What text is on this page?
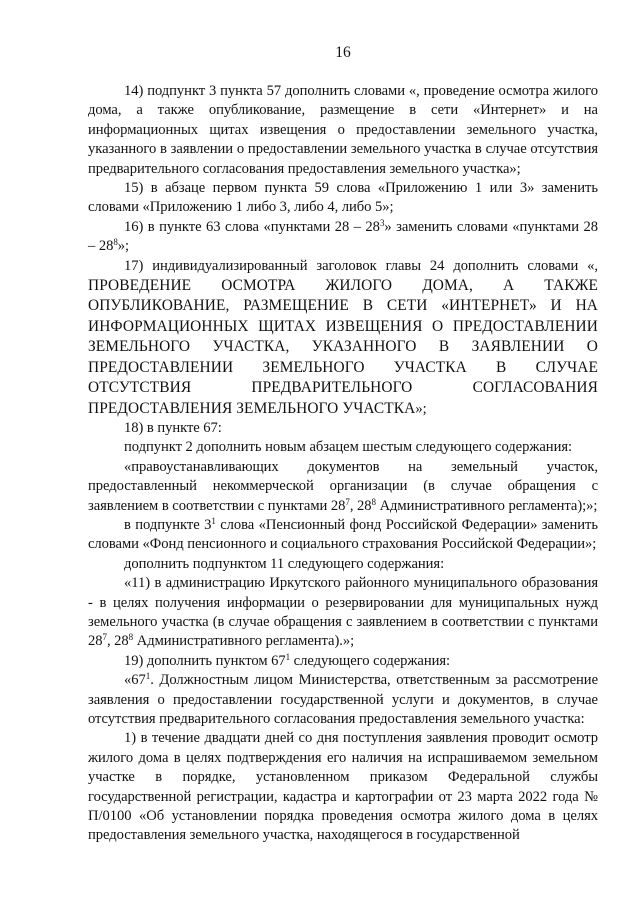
16

14) подпункт 3 пункта 57 дополнить словами «, проведение осмотра жилого дома, а также опубликование, размещение в сети «Интернет» и на информационных щитах извещения о предоставлении земельного участка, указанного в заявлении о предоставлении земельного участка в случае отсутствия предварительного согласования предоставления земельного участка»;

15) в абзаце первом пункта 59 слова «Приложению 1 или 3» заменить словами «Приложению 1 либо 3, либо 4, либо 5»;

16) в пункте 63 слова «пунктами $28 - 28^3$» заменить словами «пунктами $28 - 28^8$»;

17) индивидуализированный заголовок главы 24 дополнить словами «, ПРОВЕДЕНИЕ ОСМОТРА ЖИЛОГО ДОМА, А ТАКЖЕ ОПУБЛИКОВАНИЕ, РАЗМЕЩЕНИЕ В СЕТИ «ИНТЕРНЕТ» И НА ИНФОРМАЦИОННЫХ ЩИТАХ ИЗВЕЩЕНИЯ О ПРЕДОСТАВЛЕНИИ ЗЕМЕЛЬНОГО УЧАСТКА, УКАЗАННОГО В ЗАЯВЛЕНИИ О ПРЕДОСТАВЛЕНИИ ЗЕМЕЛЬНОГО УЧАСТКА В СЛУЧАЕ ОТСУТСТВИЯ ПРЕДВАРИТЕЛЬНОГО СОГЛАСОВАНИЯ ПРЕДОСТАВЛЕНИЯ ЗЕМЕЛЬНОГО УЧАСТКА»;

18) в пункте 67:

подпункт 2 дополнить новым абзацем шестым следующего содержания:

«правоустанавливающих документов на земельный участок, предоставленный некоммерческой организации (в случае обращения с заявлением в соответствии с пунктами $28^7$, $28^8$ Административного регламента);»;

в подпункте $3^1$ слова «Пенсионный фонд Российской Федерации» заменить словами «Фонд пенсионного и социального страхования Российской Федерации»;

дополнить подпунктом 11 следующего содержания:

«11) в администрацию Иркутского районного муниципального образования - в целях получения информации о резервировании для муниципальных нужд земельного участка (в случае обращения с заявлением в соответствии с пунктами $28^7$, $28^8$ Административного регламента).»;

19) дополнить пунктом $67^1$ следующего содержания:

«$67^1$. Должностным лицом Министерства, ответственным за рассмотрение заявления о предоставлении государственной услуги и документов, в случае отсутствия предварительного согласования предоставления земельного участка:

1) в течение двадцати дней со дня поступления заявления проводит осмотр жилого дома в целях подтверждения его наличия на испрашиваемом земельном участке в порядке, установленном приказом Федеральной службы государственной регистрации, кадастра и картографии от 23 марта 2022 года № П/0100 «Об установлении порядка проведения осмотра жилого дома в целях предоставления земельного участка, находящегося в государственной
